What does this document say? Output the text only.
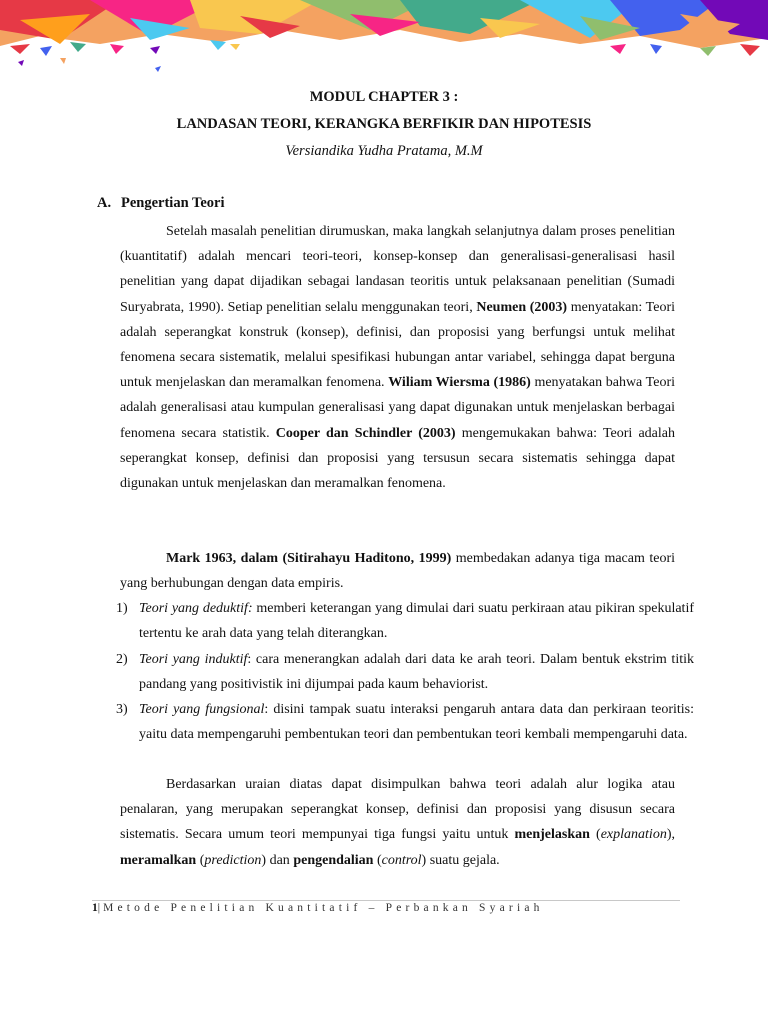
MODUL CHAPTER 3 :
LANDASAN TEORI, KERANGKA BERFIKIR DAN HIPOTESIS
Versiandika Yudha Pratama, M.M
A. Pengertian Teori
Setelah masalah penelitian dirumuskan, maka langkah selanjutnya dalam proses penelitian (kuantitatif) adalah mencari teori-teori, konsep-konsep dan generalisasi-generalisasi hasil penelitian yang dapat dijadikan sebagai landasan teoritis untuk pelaksanaan penelitian (Sumadi Suryabrata, 1990). Setiap penelitian selalu menggunakan teori, Neumen (2003) menyatakan: Teori adalah seperangkat konstruk (konsep), definisi, dan proposisi yang berfungsi untuk melihat fenomena secara sistematik, melalui spesifikasi hubungan antar variabel, sehingga dapat berguna untuk menjelaskan dan meramalkan fenomena. Wiliam Wiersma (1986) menyatakan bahwa Teori adalah generalisasi atau kumpulan generalisasi yang dapat digunakan untuk menjelaskan berbagai fenomena secara statistik. Cooper dan Schindler (2003) mengemukakan bahwa: Teori adalah seperangkat konsep, definisi dan proposisi yang tersusun secara sistematis sehingga dapat digunakan untuk menjelaskan dan meramalkan fenomena.
Mark 1963, dalam (Sitirahayu Haditono, 1999) membedakan adanya tiga macam teori yang berhubungan dengan data empiris.
1) Teori yang deduktif: memberi keterangan yang dimulai dari suatu perkiraan atau pikiran spekulatif tertentu ke arah data yang telah diterangkan.
2) Teori yang induktif: cara menerangkan adalah dari data ke arah teori. Dalam bentuk ekstrim titik pandang yang positivistik ini dijumpai pada kaum behaviorist.
3) Teori yang fungsional: disini tampak suatu interaksi pengaruh antara data dan perkiraan teoritis: yaitu data mempengaruhi pembentukan teori dan pembentukan teori kembali mempengaruhi data.
Berdasarkan uraian diatas dapat disimpulkan bahwa teori adalah alur logika atau penalaran, yang merupakan seperangkat konsep, definisi dan proposisi yang disusun secara sistematis. Secara umum teori mempunyai tiga fungsi yaitu untuk menjelaskan (explanation), meramalkan (prediction) dan pengendalian (control) suatu gejala.
1| Metode Penelitian Kuantitatif – Perbankan Syariah
